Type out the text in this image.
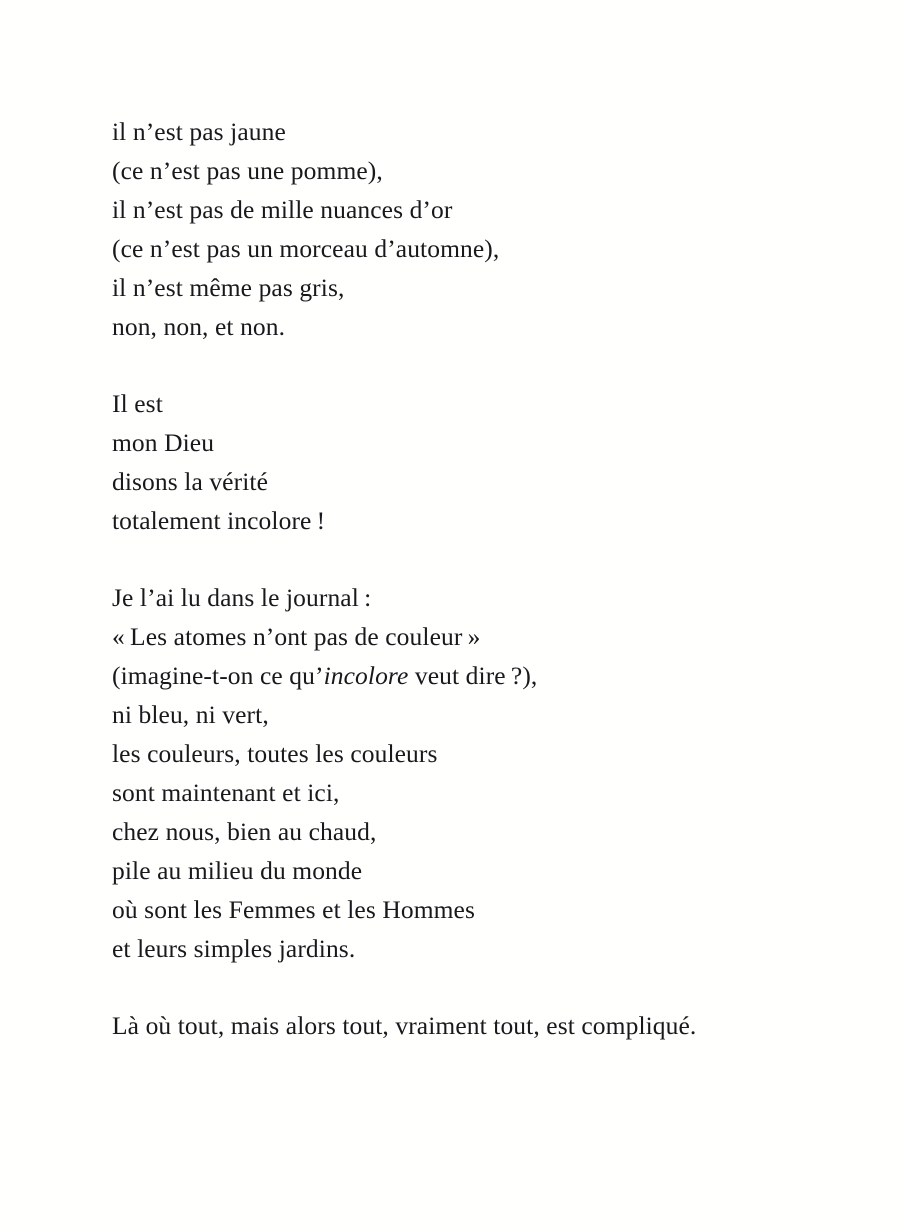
il n’est pas jaune
(ce n’est pas une pomme),
il n’est pas de mille nuances d’or
(ce n’est pas un morceau d’automne),
il n’est même pas gris,
non, non, et non.
Il est
mon Dieu
disons la vérité
totalement incolore !
Je l’ai lu dans le journal :
« Les atomes n’ont pas de couleur »
(imagine-t-on ce qu’incolore veut dire ?),
ni bleu, ni vert,
les couleurs, toutes les couleurs
sont maintenant et ici,
chez nous, bien au chaud,
pile au milieu du monde
où sont les Femmes et les Hommes
et leurs simples jardins.
Là où tout, mais alors tout, vraiment tout, est compliqué.
